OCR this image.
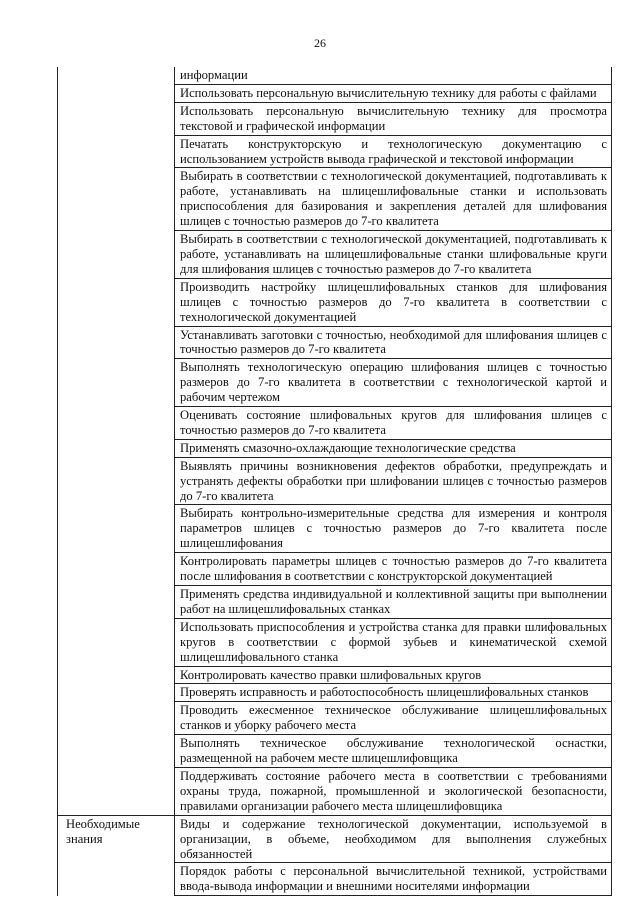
26

	информации

	Использовать персональную вычислительную технику для работы с файлами

	Использовать персональную вычислительную технику для просмотра текстовой и графической информации

	Печатать конструкторскую и технологическую документацию с использованием устройств вывода графической и текстовой информации

	Выбирать в соответствии с технологической документацией, подготавливать к работе, устанавливать на шлицешлифовальные станки и использовать приспособления для базирования и закрепления деталей для шлифования шлицев с точностью размеров до 7-го квалитета

	Выбирать в соответствии с технологической документацией, подготавливать к работе, устанавливать на шлицешлифовальные станки шлифовальные круги для шлифования шлицев с точностью размеров до 7-го квалитета

	Производить настройку шлицешлифовальных станков для шлифования шлицев с точностью размеров до 7-го квалитета в соответствии с технологической документацией

	Устанавливать заготовки с точностью, необходимой для шлифования шлицев с точностью размеров до 7-го квалитета

	Выполнять технологическую операцию шлифования шлицев с точностью размеров до 7-го квалитета в соответствии с технологической картой и рабочим чертежом

	Оценивать состояние шлифовальных кругов для шлифования шлицев с точностью размеров до 7-го квалитета

	Применять смазочно-охлаждающие технологические средства

	Выявлять причины возникновения дефектов обработки, предупреждать и устранять дефекты обработки при шлифовании шлицев с точностью размеров до 7-го квалитета

	Выбирать контрольно-измерительные средства для измерения и контроля параметров шлицев с точностью размеров до 7-го квалитета после шлицешлифования

	Контролировать параметры шлицев с точностью размеров до 7-го квалитета после шлифования в соответствии с конструкторской документацией

	Применять средства индивидуальной и коллективной защиты при выполнении работ на шлицешлифовальных станках

	Использовать приспособления и устройства станка для правки шлифовальных кругов в соответствии с формой зубьев и кинематической схемой шлицешлифовального станка

	Контролировать качество правки шлифовальных кругов

	Проверять исправность и работоспособность шлицешлифовальных станков

	Проводить ежесменное техническое обслуживание шлицешлифовальных станков и уборку рабочего места

	Выполнять техническое обслуживание технологической оснастки, размещенной на рабочем месте шлицешлифовщика

	Поддерживать состояние рабочего места в соответствии с требованиями охраны труда, пожарной, промышленной и экологической безопасности, правилами организации рабочего места шлицешлифовщика

Необходимые знания	Виды и содержание технологической документации, используемой в организации, в объеме, необходимом для выполнения служебных обязанностей

	Порядок работы с персональной вычислительной техникой, устройствами ввода-вывода информации и внешними носителями информации
